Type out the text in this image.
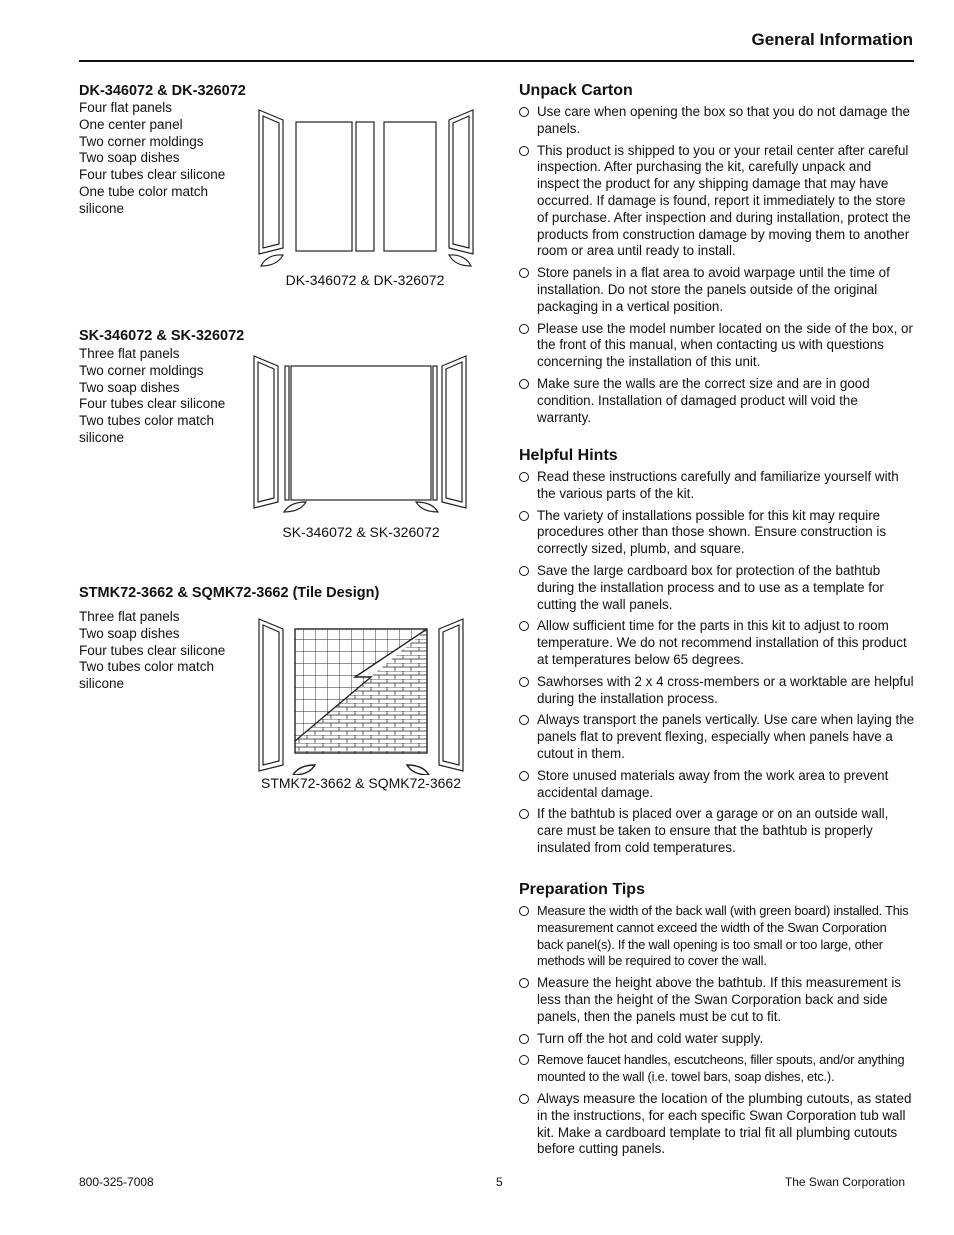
General Information
DK-346072 & DK-326072
Four flat panels
One center panel
Two corner moldings
Two soap dishes
Four tubes clear silicone
One tube color match
silicone
DK-346072 & DK-326072
SK-346072 & SK-326072
Three flat panels
Two corner moldings
Two soap dishes
Four tubes clear silicone
Two tubes color match
silicone
SK-346072 & SK-326072
STMK72-3662 & SQMK72-3662 (Tile Design)
Three flat panels
Two soap dishes
Four tubes clear silicone
Two tubes color match
silicone
STMK72-3662 & SQMK72-3662
Unpack Carton
Use care when opening the box so that you do not damage the panels.
This product is shipped to you or your retail center after careful inspection. After purchasing the kit, carefully unpack and inspect the product for any shipping damage that may have occurred. If damage is found, report it immediately to the store of purchase. After inspection and during installation, protect the products from construction damage by moving them to another room or area until ready to install.
Store panels in a flat area to avoid warpage until the time of installation. Do not store the panels outside of the original packaging in a vertical position.
Please use the model number located on the side of the box, or the front of this manual, when contacting us with questions concerning the installation of this unit.
Make sure the walls are the correct size and are in good condition. Installation of damaged product will void the warranty.
Helpful Hints
Read these instructions carefully and familiarize yourself with the various parts of the kit.
The variety of installations possible for this kit may require procedures other than those shown. Ensure construction is correctly sized, plumb, and square.
Save the large cardboard box for protection of the bathtub during the installation process and to use as a template for cutting the wall panels.
Allow sufficient time for the parts in this kit to adjust to room temperature. We do not recommend installation of this product at temperatures below 65 degrees.
Sawhorses with 2 x 4 cross-members or a worktable are helpful during the installation process.
Always transport the panels vertically. Use care when laying the panels flat to prevent flexing, especially when panels have a cutout in them.
Store unused materials away from the work area to prevent accidental damage.
If the bathtub is placed over a garage or on an outside wall, care must be taken to ensure that the bathtub is properly insulated from cold temperatures.
Preparation Tips
Measure the width of the back wall (with green board) installed. This measurement cannot exceed the width of the Swan Corporation back panel(s). If the wall opening is too small or too large, other methods will be required to cover the wall.
Measure the height above the bathtub. If this measurement is less than the height of the Swan Corporation back and side panels, then the panels must be cut to fit.
Turn off the hot and cold water supply.
Remove faucet handles, escutcheons, filler spouts, and/or anything mounted to the wall (i.e. towel bars, soap dishes, etc.).
Always measure the location of the plumbing cutouts, as stated in the instructions, for each specific Swan Corporation tub wall kit. Make a cardboard template to trial fit all plumbing cutouts before cutting panels.
800-325-7008	5	The Swan Corporation
